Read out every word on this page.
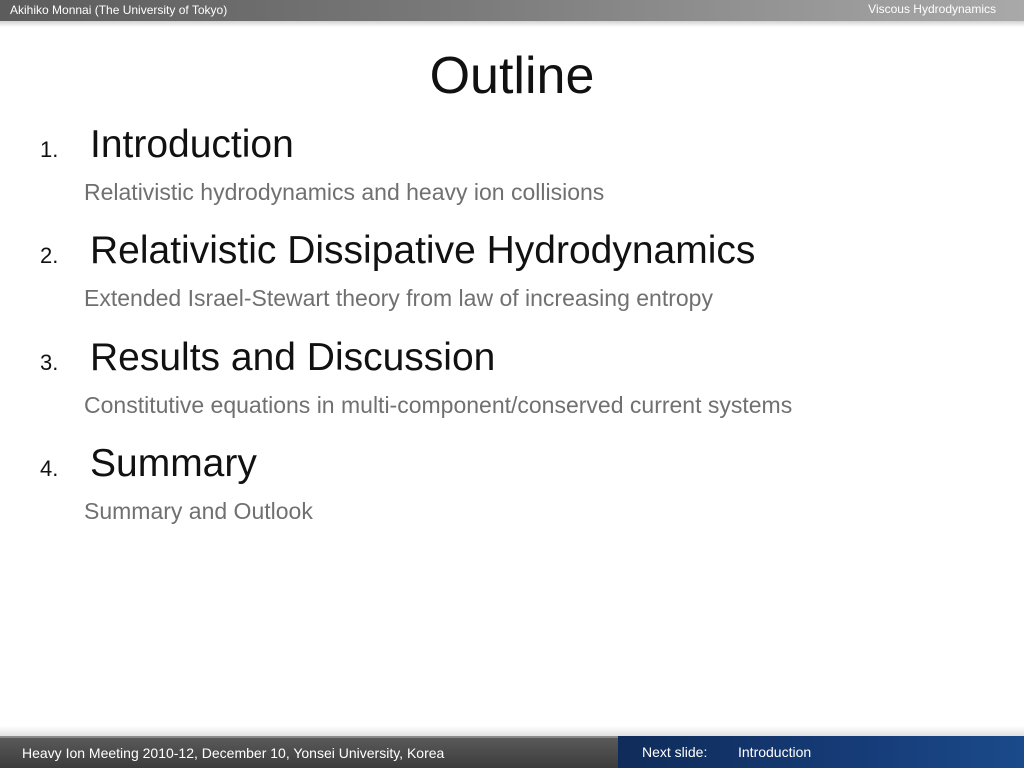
Akihiko Monnai (The University of Tokyo)	Viscous Hydrodynamics
Outline
1. Introduction
Relativistic hydrodynamics and heavy ion collisions
2. Relativistic Dissipative Hydrodynamics
Extended Israel-Stewart theory from law of increasing entropy
3. Results and Discussion
Constitutive equations in multi-component/conserved current systems
4. Summary
Summary and Outlook
Heavy Ion Meeting 2010-12, December 10, Yonsei University, Korea	Next slide: Introduction
